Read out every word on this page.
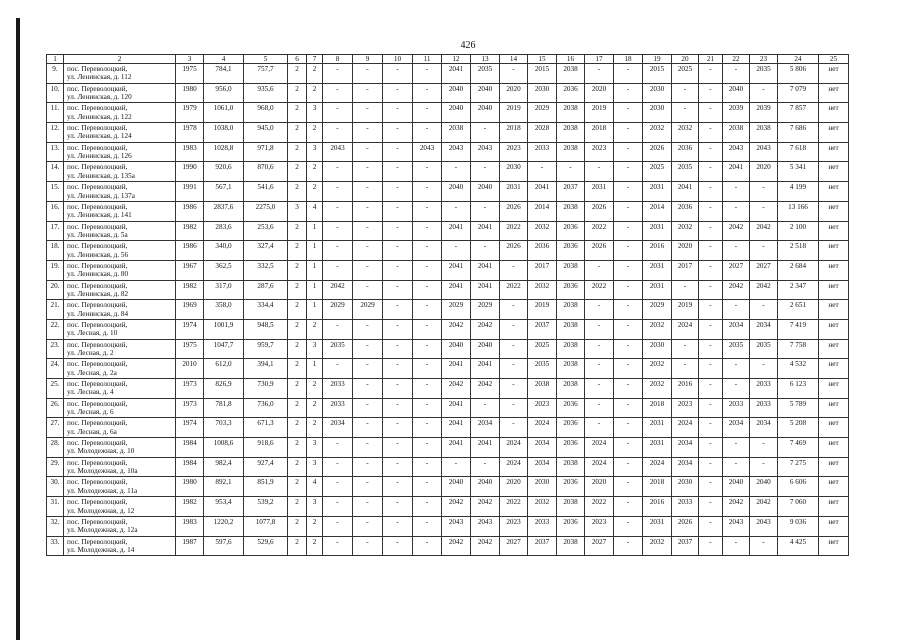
426
1	2	3	4	5	6	7	8	9	10	11	12	13	14	15	16	17	18	19	20	21	22	23	24	25
9.	пос. Переволоцкий,
ул. Ленинская, д. 112	1975	784,1	757,7	2	2	-	-	-	-	2041	2035	-	2015	2038	-	-	2015	2025	-	-	2035	5 806	нет
10.	пос. Переволоцкий,
ул. Ленинская, д. 120	1980	956,0	935,6	2	2	-	-	-	-	2040	2040	2020	2030	2036	2020	-	2030	-	-	2040	-	7 079	нет
11.	пос. Переволоцкий,
ул. Ленинская, д. 122	1979	1061,0	968,0	2	3	-	-	-	-	2040	2040	2019	2029	2038	2019	-	2030	-	-	2039	2039	7 857	нет
12.	пос. Переволоцкий,
ул. Ленинская, д. 124	1978	1038,0	945,0	2	2	-	-	-	-	2038	-	2018	2028	2038	2018	-	2032	2032	-	2038	2038	7 686	нет
13.	пос. Переволоцкий,
ул. Ленинская, д. 126	1983	1028,8	971,8	2	3	2043	-	-	2043	2043	2043	2023	2033	2038	2023	-	2026	2036	-	2043	2043	7 618	нет
14.	пос. Переволоцкий,
ул. Ленинская, д. 135а	1990	920,6	870,6	2	2	-	-	-	-	-	-	2030	-	-	-	-	2025	2035	-	2041	2020	5 341	нет
15.	пос. Переволоцкий,
ул. Ленинская, д. 137а	1991	567,1	541,6	2	2	-	-	-	-	2040	2040	2031	2041	2037	2031	-	2031	2041	-	-	-	4 199	нет
16.	пос. Переволоцкий,
ул. Ленинская, д. 141	1986	2837,6	2275,0	3	4	-	-	-	-	-	-	2026	2014	2038	2026	-	2014	2036	-	-	-	13 166	нет
17.	пос. Переволоцкий,
ул. Ленинская, д. 5а	1982	283,6	253,6	2	1	-	-	-	-	2041	2041	2022	2032	2036	2022	-	2031	2032	-	2042	2042	2 100	нет
18.	пос. Переволоцкий,
ул. Ленинская, д. 56	1986	340,0	327,4	2	1	-	-	-	-	-	-	2026	2036	2036	2026	-	2016	2020	-	-	-	2 518	нет
19.	пос. Переволоцкий,
ул. Ленинская, д. 80	1967	362,5	332,5	2	1	-	-	-	-	2041	2041	-	2017	2038	-	-	2031	2017	-	2027	2027	2 684	нет
20.	пос. Переволоцкий,
ул. Ленинская, д. 82	1982	317,0	287,6	2	1	2042	-	-	-	2041	2041	2022	2032	2036	2022	-	2031	-	-	2042	2042	2 347	нет
21.	пос. Переволоцкий,
ул. Ленинская, д. 84	1969	358,0	334,4	2	1	2029	2029	-	-	2029	2029	-	2019	2038	-	-	2029	2019	-	-	-	2 651	нет
22.	пос. Переволоцкий,
ул. Лесная, д. 10	1974	1001,9	948,5	2	2	-	-	-	-	2042	2042	-	2037	2038	-	-	2032	2024	-	2034	2034	7 419	нет
23.	пос. Переволоцкий,
ул. Лесная, д. 2	1975	1047,7	959,7	2	3	2035	-	-	-	2040	2040	-	2025	2038	-	-	2030	-	-	2035	2035	7 758	нет
24.	пос. Переволоцкий,
ул. Лесная, д. 2а	2010	612,0	394,1	2	1	-	-	-	-	2041	2041	-	2035	2038	-	-	2032	-	-	-	-	4 532	нет
25.	пос. Переволоцкий,
ул. Лесная, д. 4	1973	826,9	730,9	2	2	2033	-	-	-	2042	2042	-	2038	2038	-	-	2032	2016	-	-	2033	6 123	нет
26.	пос. Переволоцкий,
ул. Лесная, д. 6	1973	781,8	736,0	2	2	2033	-	-	-	2041	-	-	2023	2036	-	-	2018	2023	-	2033	2033	5 789	нет
27.	пос. Переволоцкий,
ул. Лесная, д. 6а	1974	703,3	671,3	2	2	2034	-	-	-	2041	2034	-	2024	2036	-	-	2031	2024	-	2034	2034	5 208	нет
28.	пос. Переволоцкий,
ул. Молодежная, д. 10	1984	1008,6	918,6	2	3	-	-	-	-	2041	2041	2024	2034	2036	2024	-	2031	2034	-	-	-	7 469	нет
29.	пос. Переволоцкий,
ул. Молодежная, д. 10а	1984	982,4	927,4	2	3	-	-	-	-	-	-	2024	2034	2038	2024	-	2024	2034	-	-	-	7 275	нет
30.	пос. Переволоцкий,
ул. Молодежная, д. 11а	1980	892,1	851,9	2	4	-	-	-	-	2040	2040	2020	2030	2036	2020	-	2018	2030	-	2040	2040	6 606	нет
31.	пос. Переволоцкий,
ул. Молодежная, д. 12	1982	953,4	539,2	2	3	-	-	-	-	2042	2042	2022	2032	2038	2022	-	2016	2033	-	2042	2042	7 060	нет
32.	пос. Переволоцкий,
ул. Молодежная, д. 12а	1983	1220,2	1077,8	2	2	-	-	-	-	2043	2043	2023	2033	2036	2023	-	2031	2026	-	2043	2043	9 036	нет
33.	пос. Переволоцкий,
ул. Молодежная, д. 14	1987	597,6	529,6	2	2	-	-	-	-	2042	2042	2027	2037	2038	2027	-	2032	2037	-	-	-	4 425	нет
